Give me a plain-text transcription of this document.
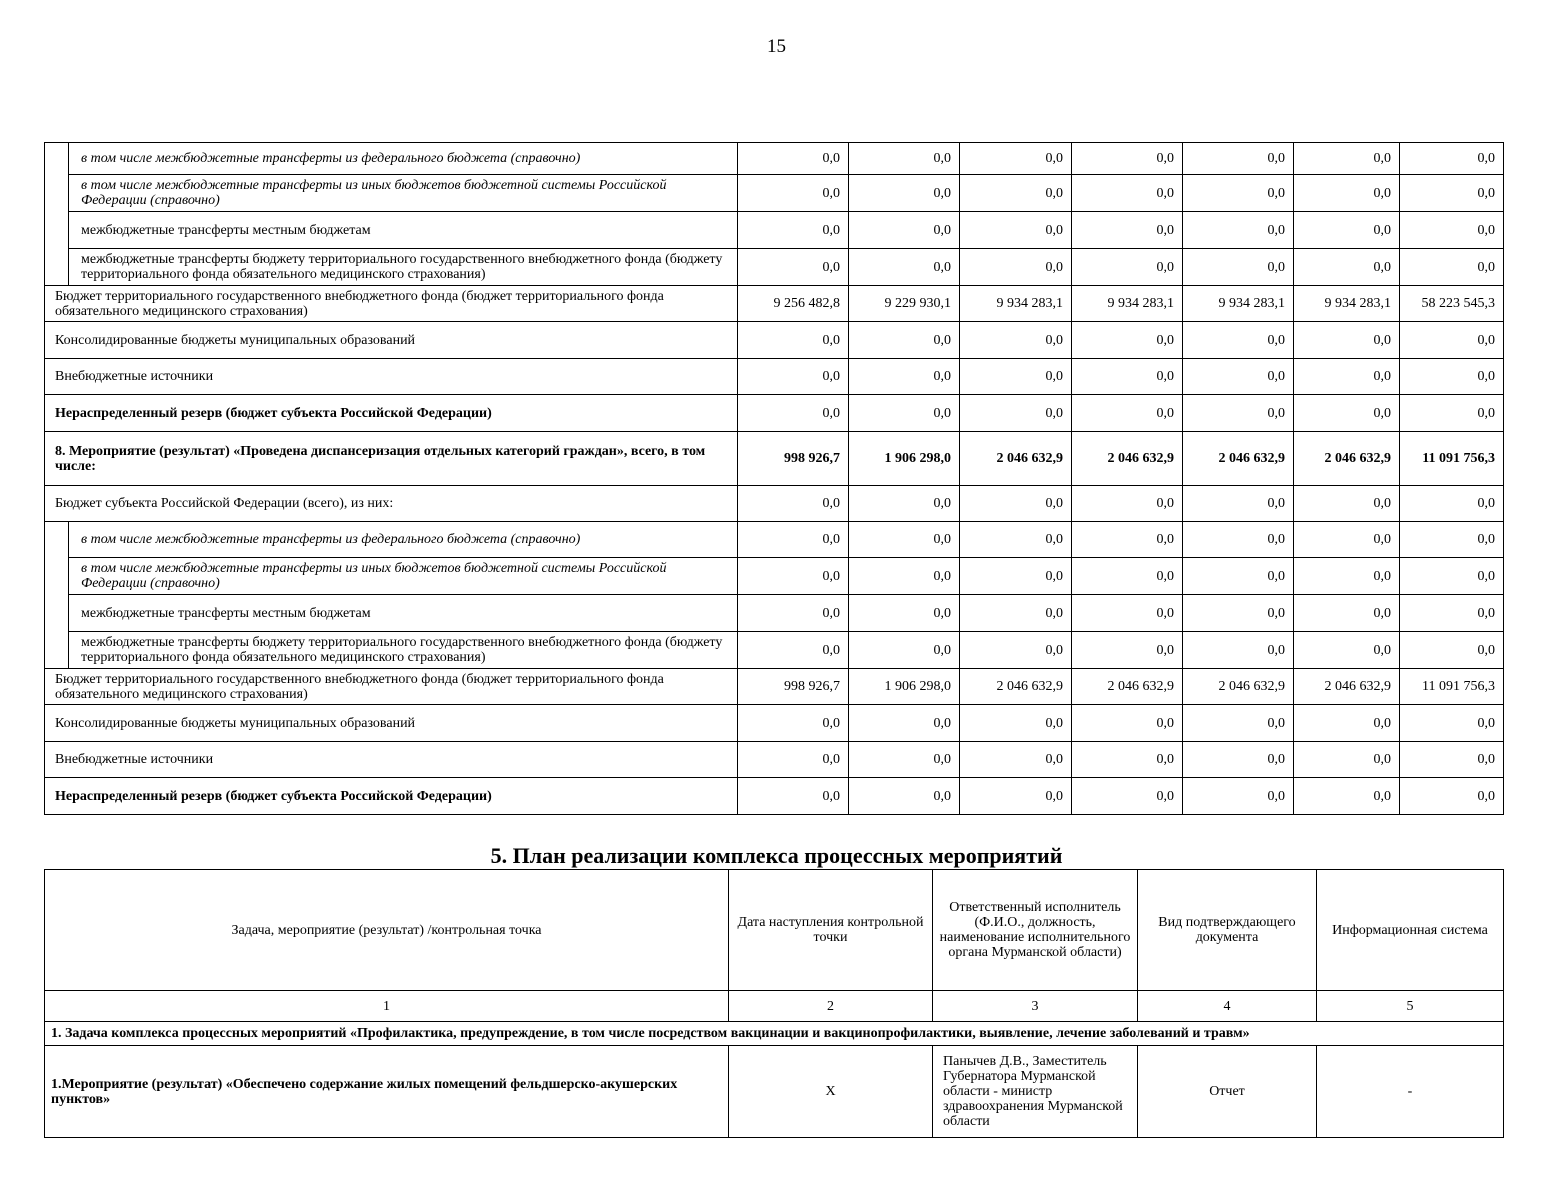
15
	в том числе межбюджетные трансферты из федерального бюджета (справочно)	0,0	0,0	0,0	0,0	0,0	0,0	0,0
	в том числе межбюджетные трансферты из иных бюджетов бюджетной системы Российской Федерации (справочно)	0,0	0,0	0,0	0,0	0,0	0,0	0,0
	межбюджетные трансферты местным бюджетам	0,0	0,0	0,0	0,0	0,0	0,0	0,0
	межбюджетные трансферты бюджету территориального государственного внебюджетного фонда (бюджету территориального фонда обязательного медицинского страхования)	0,0	0,0	0,0	0,0	0,0	0,0	0,0
Бюджет территориального государственного внебюджетного фонда (бюджет территориального фонда обязательного медицинского страхования)		9 256 482,8	9 229 930,1	9 934 283,1	9 934 283,1	9 934 283,1	9 934 283,1	58 223 545,3
Консолидированные бюджеты муниципальных образований		0,0	0,0	0,0	0,0	0,0	0,0	0,0
Внебюджетные источники		0,0	0,0	0,0	0,0	0,0	0,0	0,0
Нераспределенный резерв (бюджет субъекта Российской Федерации)		0,0	0,0	0,0	0,0	0,0	0,0	0,0
8. Мероприятие (результат) «Проведена диспансеризация отдельных категорий граждан», всего, в том числе:		998 926,7	1 906 298,0	2 046 632,9	2 046 632,9	2 046 632,9	2 046 632,9	11 091 756,3
Бюджет субъекта Российской Федерации (всего), из них:		0,0	0,0	0,0	0,0	0,0	0,0	0,0
	в том числе межбюджетные трансферты из федерального бюджета (справочно)	0,0	0,0	0,0	0,0	0,0	0,0	0,0
	в том числе межбюджетные трансферты из иных бюджетов бюджетной системы Российской Федерации (справочно)	0,0	0,0	0,0	0,0	0,0	0,0	0,0
	межбюджетные трансферты местным бюджетам	0,0	0,0	0,0	0,0	0,0	0,0	0,0
	межбюджетные трансферты бюджету территориального государственного внебюджетного фонда (бюджету территориального фонда обязательного медицинского страхования)	0,0	0,0	0,0	0,0	0,0	0,0	0,0
Бюджет территориального государственного внебюджетного фонда (бюджет территориального фонда обязательного медицинского страхования)		998 926,7	1 906 298,0	2 046 632,9	2 046 632,9	2 046 632,9	2 046 632,9	11 091 756,3
Консолидированные бюджеты муниципальных образований		0,0	0,0	0,0	0,0	0,0	0,0	0,0
Внебюджетные источники		0,0	0,0	0,0	0,0	0,0	0,0	0,0
Нераспределенный резерв (бюджет субъекта Российской Федерации)		0,0	0,0	0,0	0,0	0,0	0,0	0,0
5. План реализации комплекса процессных мероприятий
Задача, мероприятие (результат) /контрольная точка	Дата наступления контрольной точки	Ответственный исполнитель (Ф.И.О., должность, наименование исполнительного органа Мурманской области)	Вид подтверждающего документа	Информационная система
1	2	3	4	5
1. Задача комплекса процессных мероприятий «Профилактика, предупреждение, в том числе посредством вакцинации и вакцинопрофилактики, выявление, лечение заболеваний и травм»				
1.Мероприятие (результат) «Обеспечено содержание жилых помещений фельдшерско-акушерских пунктов»	Х	Панычев Д.В., Заместитель Губернатора Мурманской области - министр здравоохранения Мурманской области	Отчет	-
